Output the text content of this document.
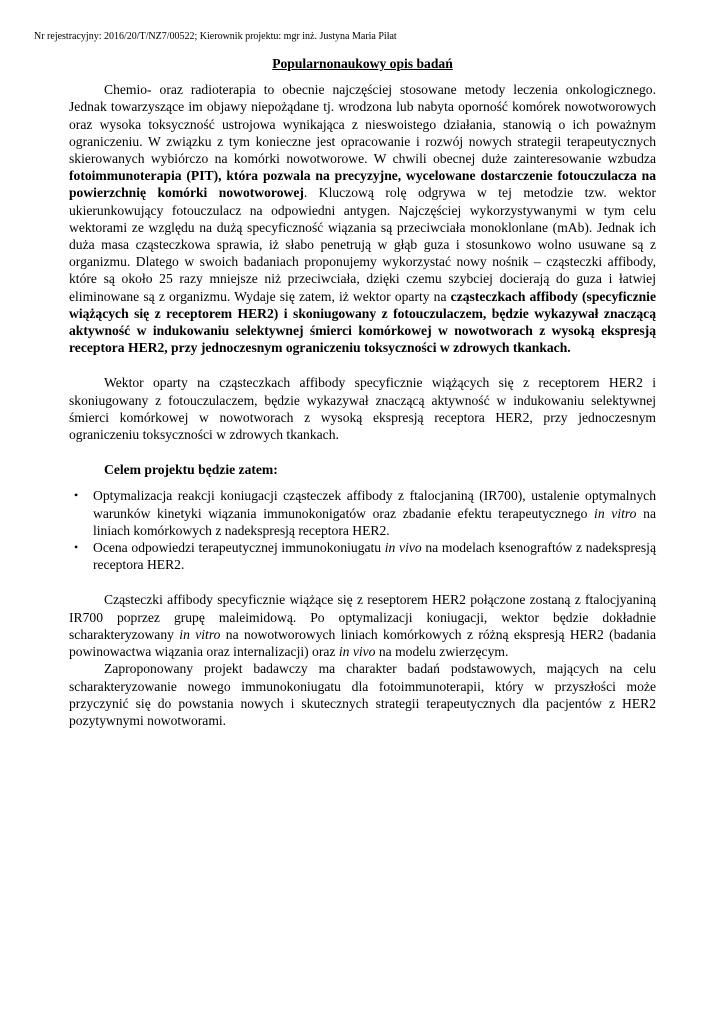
Nr rejestracyjny: 2016/20/T/NZ7/00522; Kierownik projektu: mgr inż. Justyna Maria Piłat
Popularnonaukowy opis badań

Chemio- oraz radioterapia to obecnie najczęściej stosowane metody leczenia onkologicznego. Jednak towarzyszące im objawy niepożądane tj. wrodzona lub nabyta oporność komórek nowotworowych oraz wysoka toksyczność ustrojowa wynikająca z nieswoistego działania, stanowią o ich poważnym ograniczeniu. W związku z tym konieczne jest opracowanie i rozwój nowych strategii terapeutycznych skierowanych wybiórczo na komórki nowotworowe. W chwili obecnej duże zainteresowanie wzbudza fotoimmunoterapia (PIT), która pozwala na precyzyjne, wycelowane dostarczenie fotouczulacza na powierzchnię komórki nowotworowej. Kluczową rolę odgrywa w tej metodzie tzw. wektor ukierunkowujący fotouczulacz na odpowiedni antygen. Najczęściej wykorzystywanymi w tym celu wektorami ze względu na dużą specyficzność wiązania są przeciwciała monoklonlane (mAb). Jednak ich duża masa cząsteczkowa sprawia, iż słabo penetrują w głąb guza i stosunkowo wolno usuwane są z organizmu. Dlatego w swoich badaniach proponujemy wykorzystać nowy nośnik – cząsteczki affibody, które są około 25 razy mniejsze niż przeciwciała, dzięki czemu szybciej docierają do guza i łatwiej eliminowane są z organizmu. Wydaje się zatem, iż wektor oparty na cząsteczkach affibody (specyficznie wiążących się z receptorem HER2) i skoniugowany z fotouczulaczem, będzie wykazywał znaczącą aktywność w indukowaniu selektywnej śmierci komórkowej w nowotworach z wysoką ekspresją receptora HER2, przy jednoczesnym ograniczeniu toksyczności w zdrowych tkankach.

Wektor oparty na cząsteczkach affibody specyficznie wiążących się z receptorem HER2 i skoniugowany z fotouczulaczem, będzie wykazywał znaczącą aktywność w indukowaniu selektywnej śmierci komórkowej w nowotworach z wysoką ekspresją receptora HER2, przy jednoczesnym ograniczeniu toksyczności w zdrowych tkankach.

Celem projektu będzie zatem:
• Optymalizacja reakcji koniugacji cząsteczek affibody z ftalocjaniną (IR700), ustalenie optymalnych warunków kinetyki wiązania immunokonigatów oraz zbadanie efektu terapeutycznego in vitro na liniach komórkowych z nadekspresją receptora HER2.
• Ocena odpowiedzi terapeutycznej immunokoniugatu in vivo na modelach ksenograftów z nadekspresją receptora HER2.

Cząsteczki affibody specyficznie wiążące się z reseptorem HER2 połączone zostaną z ftalocjyaniną IR700 poprzez grupę maleimidową. Po optymalizacji koniugacji, wektor będzie dokładnie scharakteryzowany in vitro na nowotworowych liniach komórkowych z różną ekspresją HER2 (badania powinowactwa wiązania oraz internalizacji) oraz in vivo na modelu zwierzęcym.

Zaproponowany projekt badawczy ma charakter badań podstawowych, mających na celu scharakteryzowanie nowego immunokoniugatu dla fotoimmunoterapii, który w przyszłości może przyczynić się do powstania nowych i skutecznych strategii terapeutycznych dla pacjentów z HER2 pozytywnymi nowotworami.
